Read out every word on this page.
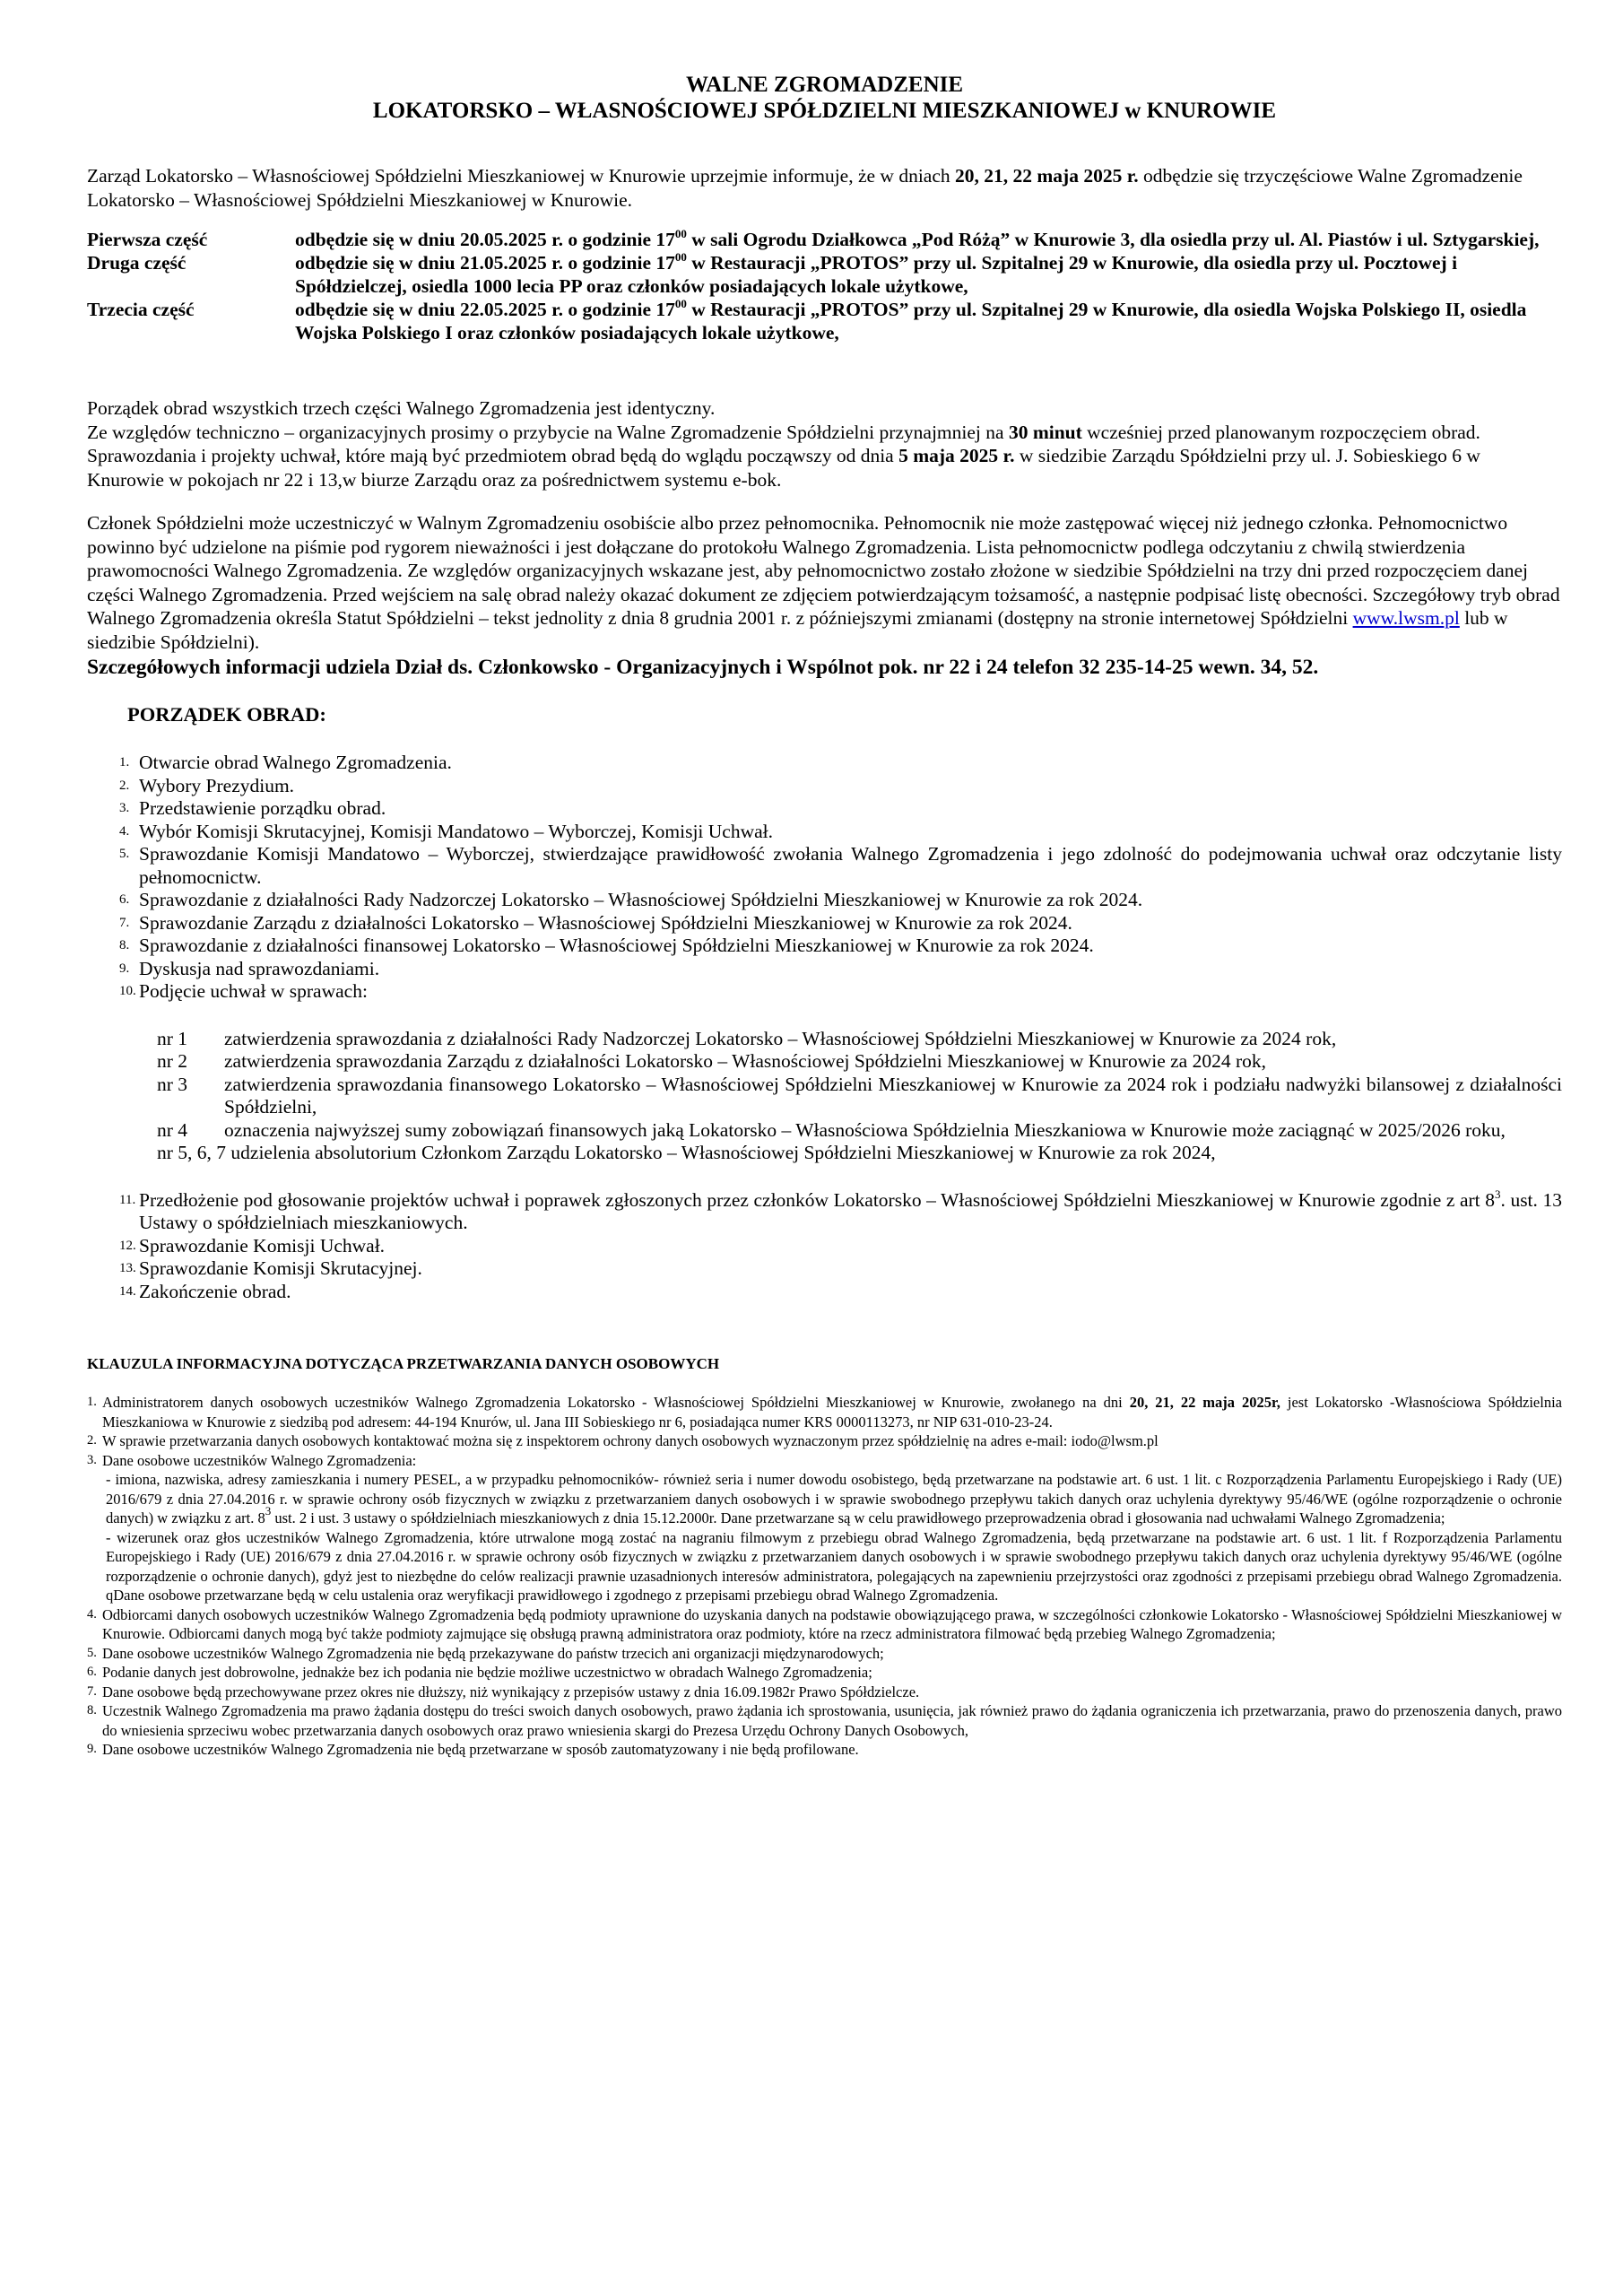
WALNE ZGROMADZENIE
LOKATORSKO – WŁASNOŚCIOWEJ SPÓŁDZIELNI MIESZKANIOWEJ w KNUROWIE

Zarząd Lokatorsko – Własnościowej Spółdzielni Mieszkaniowej w Knurowie uprzejmie informuje, że w dniach 20, 21, 22 maja 2025 r. odbędzie się trzyczęściowe Walne Zgromadzenie Lokatorsko – Własnościowej Spółdzielni Mieszkaniowej w Knurowie.

Pierwsza część	odbędzie się w dniu 20.05.2025 r. o godzinie $17^{00}$ w sali Ogrodu Działkowca „Pod Różą” w Knurowie 3, dla osiedla przy ul. Al. Piastów i ul. Sztygarskiej,
Druga część	odbędzie się w dniu 21.05.2025 r. o godzinie $17^{00}$ w Restauracji „PROTOS” przy ul. Szpitalnej 29 w Knurowie, dla osiedla przy ul. Pocztowej i Spółdzielczej, osiedla 1000 lecia PP oraz członków posiadających lokale użytkowe,
Trzecia część	odbędzie się w dniu 22.05.2025 r. o godzinie $17^{00}$ w Restauracji „PROTOS” przy ul. Szpitalnej 29 w Knurowie, dla osiedla Wojska Polskiego II, osiedla Wojska Polskiego I oraz członków posiadających lokale użytkowe,

Porządek obrad wszystkich trzech części Walnego Zgromadzenia jest identyczny.

Ze względów techniczno – organizacyjnych prosimy o przybycie na Walne Zgromadzenie Spółdzielni przynajmniej na 30 minut wcześniej przed planowanym rozpoczęciem obrad.

Sprawozdania i projekty uchwał, które mają być przedmiotem obrad będą do wglądu począwszy od dnia 5 maja 2025 r. w siedzibie Zarządu Spółdzielni przy ul. J. Sobieskiego 6 w Knurowie w pokojach nr 22 i 13,w biurze Zarządu oraz za pośrednictwem systemu e-bok.

Członek Spółdzielni może uczestniczyć w Walnym Zgromadzeniu osobiście albo przez pełnomocnika. Pełnomocnik nie może zastępować więcej niż jednego członka. Pełnomocnictwo powinno być udzielone na piśmie pod rygorem nieważności i jest dołączane do protokołu Walnego Zgromadzenia. Lista pełnomocnictw podlega odczytaniu z chwilą stwierdzenia prawomocności Walnego Zgromadzenia. Ze względów organizacyjnych wskazane jest, aby pełnomocnictwo zostało złożone w siedzibie Spółdzielni na trzy dni przed rozpoczęciem danej części Walnego Zgromadzenia. Przed wejściem na salę obrad należy okazać dokument ze zdjęciem potwierdzającym tożsamość, a następnie podpisać listę obecności. Szczegółowy tryb obrad Walnego Zgromadzenia określa Statut Spółdzielni – tekst jednolity z dnia 8 grudnia 2001 r. z późniejszymi zmianami (dostępny na stronie internetowej Spółdzielni www.lwsm.pl lub w siedzibie Spółdzielni).

Szczegółowych informacji udziela Dział ds. Członkowsko - Organizacyjnych i Wspólnot pok. nr 22 i 24 telefon 32 235-14-25 wewn. 34, 52.

PORZĄDEK OBRAD:
1. Otwarcie obrad Walnego Zgromadzenia.
2. Wybory Prezydium.
3. Przedstawienie porządku obrad.
4. Wybór Komisji Skrutacyjnej, Komisji Mandatowo – Wyborczej, Komisji Uchwał.
5. Sprawozdanie Komisji Mandatowo – Wyborczej, stwierdzające prawidłowość zwołania Walnego Zgromadzenia i jego zdolność do podejmowania uchwał oraz odczytanie listy pełnomocnictw.
6. Sprawozdanie z działalności Rady Nadzorczej Lokatorsko – Własnościowej Spółdzielni Mieszkaniowej w Knurowie za rok 2024.
7. Sprawozdanie Zarządu z działalności Lokatorsko – Własnościowej Spółdzielni Mieszkaniowej w Knurowie za rok 2024.
8. Sprawozdanie z działalności finansowej Lokatorsko – Własnościowej Spółdzielni Mieszkaniowej w Knurowie za rok 2024.
9. Dyskusja nad sprawozdaniami.
10. Podjęcie uchwał w sprawach:
nr 1	zatwierdzenia sprawozdania z działalności Rady Nadzorczej Lokatorsko – Własnościowej Spółdzielni Mieszkaniowej w Knurowie za 2024 rok,
nr 2	zatwierdzenia sprawozdania Zarządu z działalności Lokatorsko – Własnościowej Spółdzielni Mieszkaniowej w Knurowie za 2024 rok,
nr 3	zatwierdzenia sprawozdania finansowego Lokatorsko – Własnościowej Spółdzielni Mieszkaniowej w Knurowie za 2024 rok i podziału nadwyżki bilansowej z działalności Spółdzielni,
nr 4	oznaczenia najwyższej sumy zobowiązań finansowych jaką Lokatorsko – Własnościowa Spółdzielnia Mieszkaniowa w Knurowie może zaciągnąć w 2025/2026 roku,
nr 5, 6, 7 udzielenia absolutorium Członkom Zarządu Lokatorsko – Własnościowej Spółdzielni Mieszkaniowej w Knurowie za rok 2024,
11. Przedłożenie pod głosowanie projektów uchwał i poprawek zgłoszonych przez członków Lokatorsko – Własnościowej Spółdzielni Mieszkaniowej w Knurowie zgodnie z art $8^3$. ust. 13 Ustawy o spółdzielniach mieszkaniowych.
12. Sprawozdanie Komisji Uchwał.
13. Sprawozdanie Komisji Skrutacyjnej.
14. Zakończenie obrad.
KLAUZULA INFORMACYJNA DOTYCZĄCA PRZETWARZANIA DANYCH OSOBOWYCH
1. Administratorem danych osobowych uczestników Walnego Zgromadzenia Lokatorsko - Własnościowej Spółdzielni Mieszkaniowej w Knurowie, zwołanego na dni 20, 21, 22 maja 2025r, jest Lokatorsko -Własnościowa Spółdzielnia Mieszkaniowa w Knurowie z siedzibą pod adresem: 44-194 Knurów, ul. Jana III Sobieskiego nr 6, posiadająca numer KRS 0000113273, nr NIP 631-010-23-24.
2. W sprawie przetwarzania danych osobowych kontaktować można się z inspektorem ochrony danych osobowych wyznaczonym przez spółdzielnię na adres e-mail: iodo@lwsm.pl
3. Dane osobowe uczestników Walnego Zgromadzenia:
- imiona, nazwiska, adresy zamieszkania i numery PESEL, a w przypadku pełnomocników- również seria i numer dowodu osobistego, będą przetwarzane na podstawie art. 6 ust. 1 lit. c Rozporządzenia Parlamentu Europejskiego i Rady (UE) 2016/679 z dnia 27.04.2016 r. w sprawie ochrony osób fizycznych w związku z przetwarzaniem danych osobowych i w sprawie swobodnego przepływu takich danych oraz uchylenia dyrektywy 95/46/WE (ogólne rozporządzenie o ochronie danych) w związku z art. $8^3$ ust. 2 i ust. 3 ustawy o spółdzielniach mieszkaniowych z dnia 15.12.2000r. Dane przetwarzane są w celu prawidłowego przeprowadzenia obrad i głosowania nad uchwałami Walnego Zgromadzenia;
- wizerunek oraz głos uczestników Walnego Zgromadzenia, które utrwalone mogą zostać na nagraniu filmowym z przebiegu obrad Walnego Zgromadzenia, będą przetwarzane na podstawie art. 6 ust. 1 lit. f Rozporządzenia Parlamentu Europejskiego i Rady (UE) 2016/679 z dnia 27.04.2016 r. w sprawie ochrony osób fizycznych w związku z przetwarzaniem danych osobowych i w sprawie swobodnego przepływu takich danych oraz uchylenia dyrektywy 95/46/WE (ogólne rozporządzenie o ochronie danych), gdyż jest to niezbędne do celów realizacji prawnie uzasadnionych interesów administratora, polegających na zapewnieniu przejrzystości oraz zgodności z przepisami przebiegu obrad Walnego Zgromadzenia. qDane osobowe przetwarzane będą w celu ustalenia oraz weryfikacji prawidłowego i zgodnego z przepisami przebiegu obrad Walnego Zgromadzenia.
4. Odbiorcami danych osobowych uczestników Walnego Zgromadzenia będą podmioty uprawnione do uzyskania danych na podstawie obowiązującego prawa, w szczególności członkowie Lokatorsko - Własnościowej Spółdzielni Mieszkaniowej w Knurowie. Odbiorcami danych mogą być także podmioty zajmujące się obsługą prawną administratora oraz podmioty, które na rzecz administratora filmować będą przebieg Walnego Zgromadzenia;
5. Dane osobowe uczestników Walnego Zgromadzenia nie będą przekazywane do państw trzecich ani organizacji międzynarodowych;
6. Podanie danych jest dobrowolne, jednakże bez ich podania nie będzie możliwe uczestnictwo w obradach Walnego Zgromadzenia;
7. Dane osobowe będą przechowywane przez okres nie dłuższy, niż wynikający z przepisów ustawy z dnia 16.09.1982r Prawo Spółdzielcze.
8. Uczestnik Walnego Zgromadzenia ma prawo żądania dostępu do treści swoich danych osobowych, prawo żądania ich sprostowania, usunięcia, jak również prawo do żądania ograniczenia ich przetwarzania, prawo do przenoszenia danych, prawo do wniesienia sprzeciwu wobec przetwarzania danych osobowych oraz prawo wniesienia skargi do Prezesa Urzędu Ochrony Danych Osobowych,
9. Dane osobowe uczestników Walnego Zgromadzenia nie będą przetwarzane w sposób zautomatyzowany i nie będą profilowane.
